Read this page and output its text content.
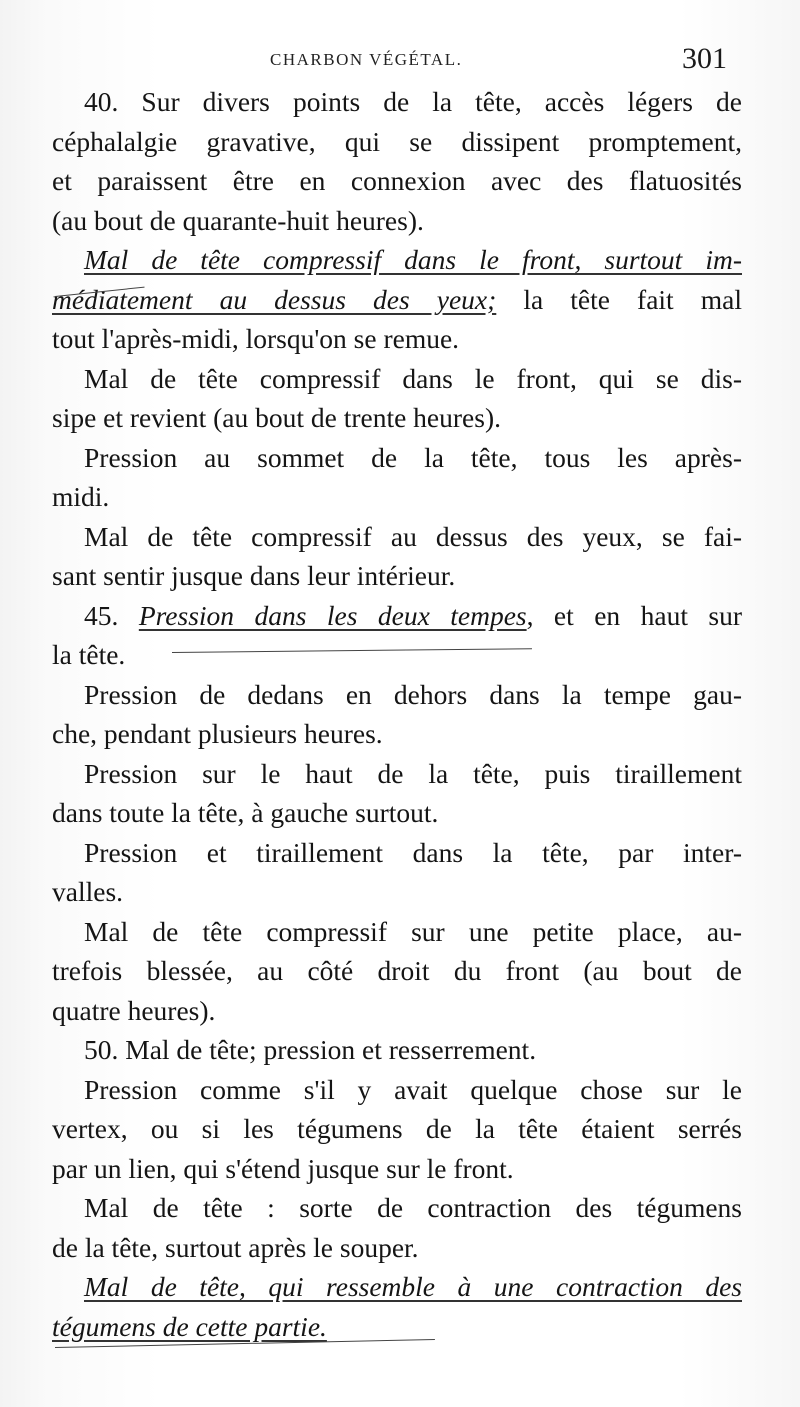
CHARBON VÉGÉTAL.	301

40. Sur divers points de la tête, accès légers de
céphalalgie gravative, qui se dissipent promptement,
et paraissent être en connexion avec des flatuosités
(au bout de quarante-huit heures).

Mal de tête compressif dans le front, surtout im-
médiatement au dessus des yeux; la tête fait mal
tout l'après-midi, lorsqu'on se remue.

Mal de tête compressif dans le front, qui se dis-
sipe et revient (au bout de trente heures).

Pression au sommet de la tête, tous les après-
midi.

Mal de tête compressif au dessus des yeux, se fai-
sant sentir jusque dans leur intérieur.

45. Pression dans les deux tempes, et en haut sur
la tête.

Pression de dedans en dehors dans la tempe gau-
che, pendant plusieurs heures.

Pression sur le haut de la tête, puis tiraillement
dans toute la tête, à gauche surtout.

Pression et tiraillement dans la tête, par inter-
valles.

Mal de tête compressif sur une petite place, au-
trefois blessée, au côté droit du front (au bout de
quatre heures).

50. Mal de tête; pression et resserrement.

Pression comme s'il y avait quelque chose sur le
vertex, ou si les tégumens de la tête étaient serrés
par un lien, qui s'étend jusque sur le front.

Mal de tête : sorte de contraction des tégumens
de la tête, surtout après le souper.

Mal de tête, qui ressemble à une contraction des
tégumens de cette partie.
